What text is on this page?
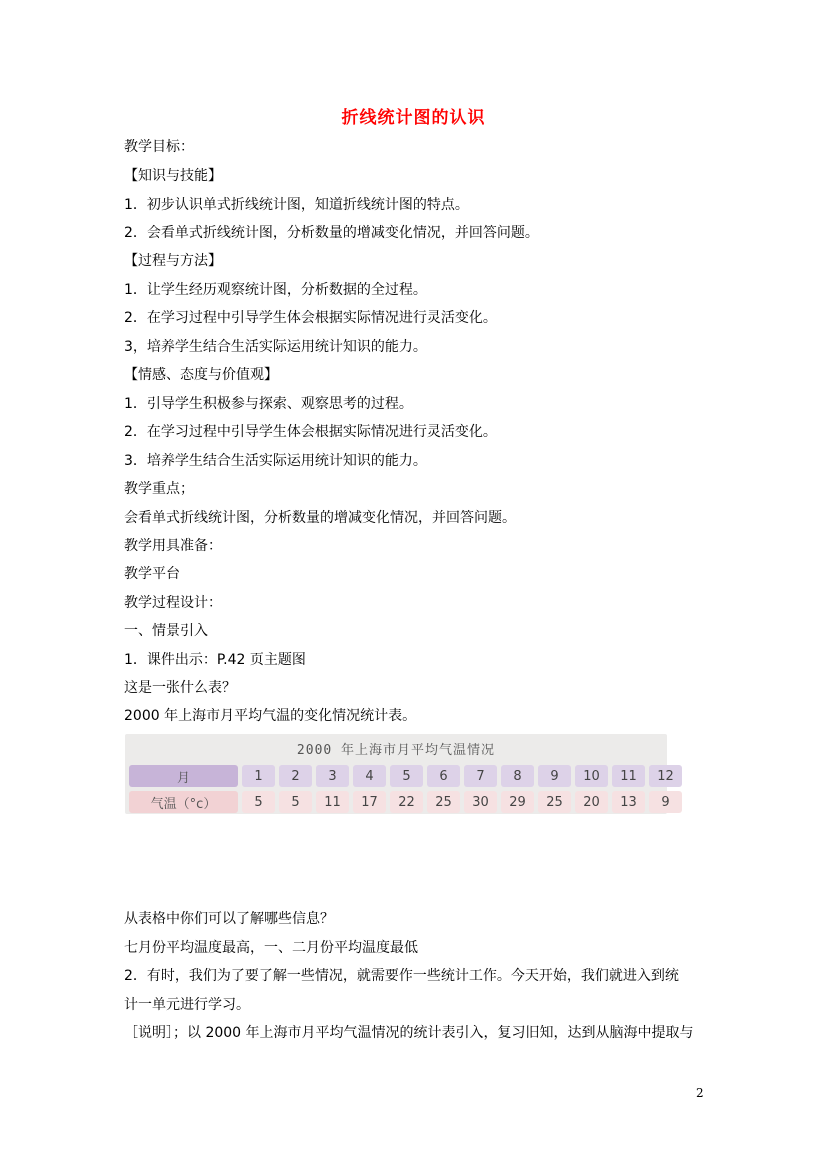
折线统计图的认识
教学目标：
【知识与技能】
1．初步认识单式折线统计图，知道折线统计图的特点。
2．会看单式折线统计图，分析数量的增减变化情况，并回答问题。
【过程与方法】
1．让学生经历观察统计图，分析数据的全过程。
2．在学习过程中引导学生体会根据实际情况进行灵活变化。
3，培养学生结合生活实际运用统计知识的能力。
【情感、态度与价值观】
1．引导学生积极参与探索、观察思考的过程。
2．在学习过程中引导学生体会根据实际情况进行灵活变化。
3．培养学生结合生活实际运用统计知识的能力。
教学重点；
会看单式折线统计图，分析数量的增减变化情况，并回答问题。
教学用具准备：
教学平台
教学过程设计：
一、情景引入
1．课件出示：P.42 页主题图
这是一张什么表？
2000 年上海市月平均气温的变化情况统计表。
2000 年上海市月平均气温情况
月	1	2	3	4	5	6	7	8	9	10	11	12
气温（°c）	5	5	11	17	22	25	30	29	25	20	13	9
从表格中你们可以了解哪些信息？
七月份平均温度最高，一、二月份平均温度最低
2．有时，我们为了要了解一些情况，就需要作一些统计工作。今天开始，我们就进入到统
计一单元进行学习。
［说明］；以 2000 年上海市月平均气温情况的统计表引入，复习旧知，达到从脑海中提取与
2
